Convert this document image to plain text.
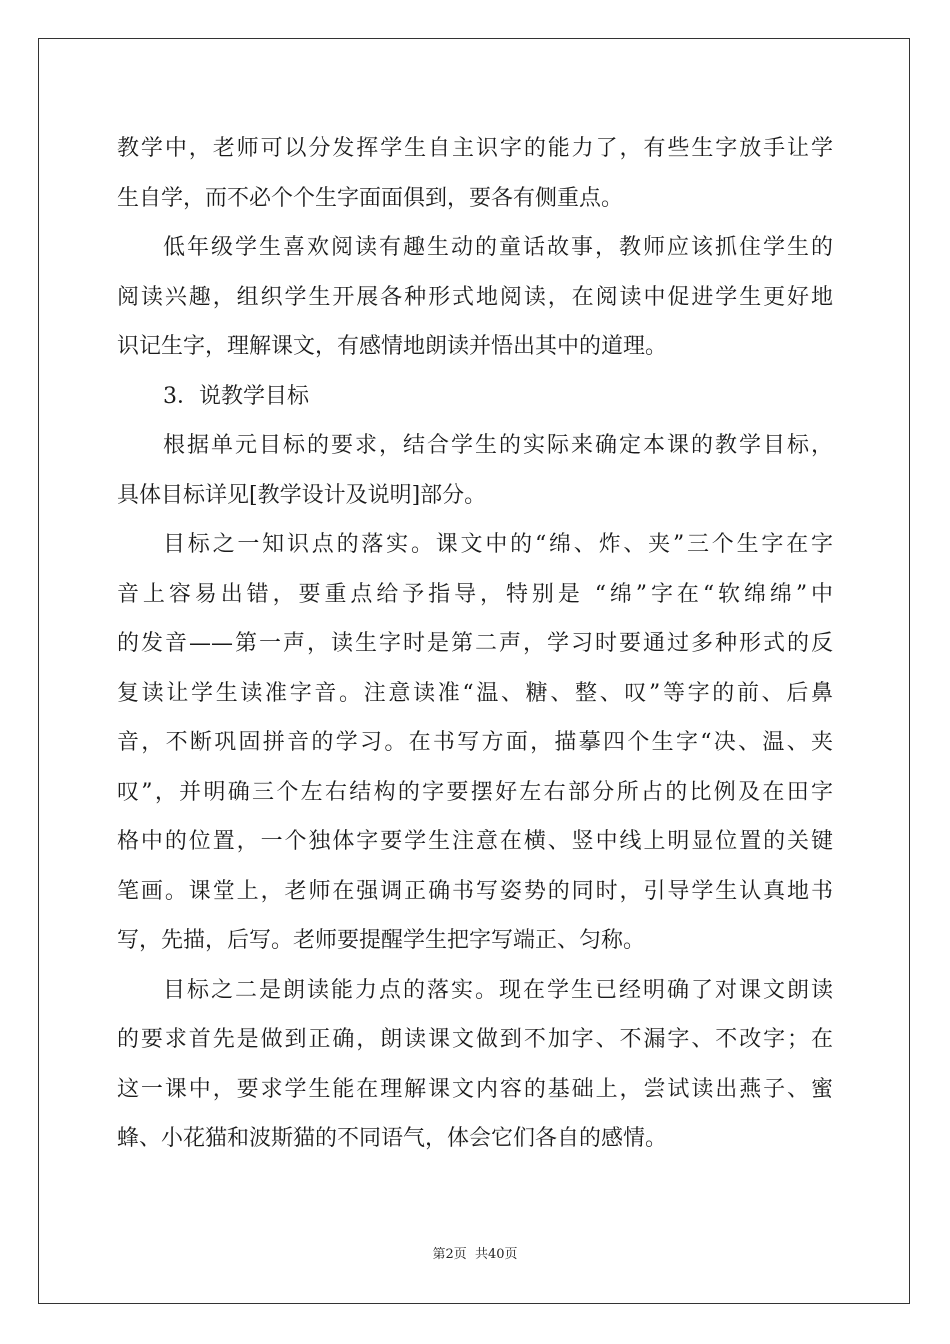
教学中，老师可以分发挥学生自主识字的能力了，有些生字放手让学
生自学，而不必个个生字面面俱到，要各有侧重点。
低年级学生喜欢阅读有趣生动的童话故事，教师应该抓住学生的
阅读兴趣，组织学生开展各种形式地阅读，在阅读中促进学生更好地
识记生字，理解课文，有感情地朗读并悟出其中的道理。
3．说教学目标
根据单元目标的要求，结合学生的实际来确定本课的教学目标，
具体目标详见[教学设计及说明]部分。
目标之一知识点的落实。课文中的“绵、炸、夹”三个生字在字
音上容易出错，要重点给予指导，特别是 “绵”字在“软绵绵”中
的发音——第一声，读生字时是第二声，学习时要通过多种形式的反
复读让学生读准字音。注意读准“温、糖、整、叹”等字的前、后鼻
音，不断巩固拼音的学习。在书写方面，描摹四个生字“决、温、夹
叹”，并明确三个左右结构的字要摆好左右部分所占的比例及在田字
格中的位置，一个独体字要学生注意在横、竖中线上明显位置的关键
笔画。课堂上，老师在强调正确书写姿势的同时，引导学生认真地书
写，先描，后写。老师要提醒学生把字写端正、匀称。
目标之二是朗读能力点的落实。现在学生已经明确了对课文朗读
的要求首先是做到正确，朗读课文做到不加字、不漏字、不改字；在
这一课中，要求学生能在理解课文内容的基础上，尝试读出燕子、蜜
蜂、小花猫和波斯猫的不同语气，体会它们各自的感情。
第2页 共40页
